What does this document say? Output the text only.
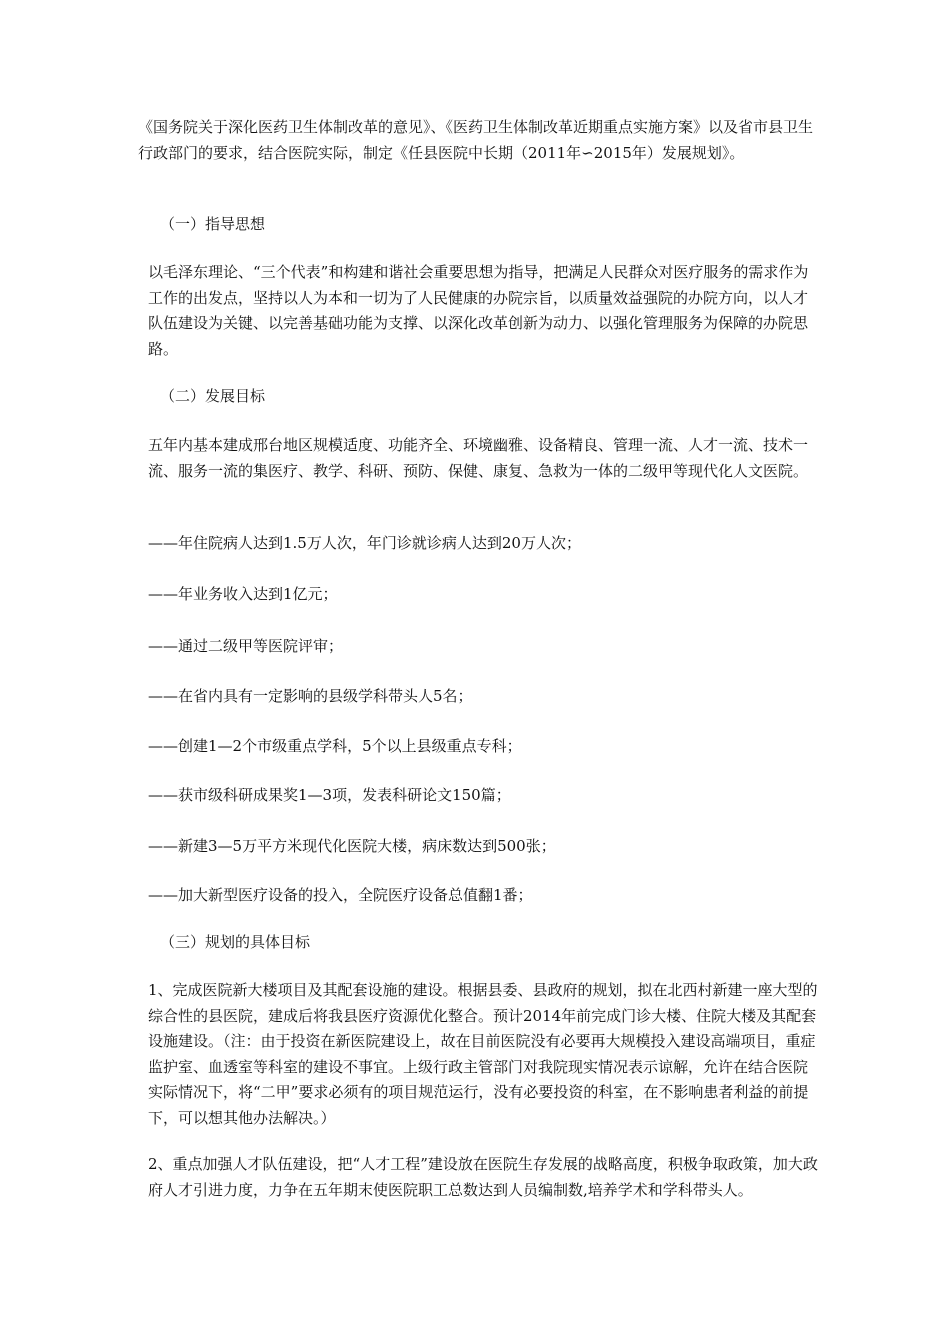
《国务院关于深化医药卫生体制改革的意见》、《医药卫生体制改革近期重点实施方案》以及省市县卫生行政部门的要求，结合医院实际，制定《任县医院中长期（2011年∽2015年）发展规划》。

（一）指导思想

以毛泽东理论、“三个代表”和构建和谐社会重要思想为指导，把满足人民群众对医疗服务的需求作为工作的出发点，坚持以人为本和一切为了人民健康的办院宗旨，以质量效益强院的办院方向，以人才队伍建设为关键、以完善基础功能为支撑、以深化改革创新为动力、以强化管理服务为保障的办院思路。

（二）发展目标

五年内基本建成邢台地区规模适度、功能齐全、环境幽雅、设备精良、管理一流、人才一流、技术一流、服务一流的集医疗、教学、科研、预防、保健、康复、急救为一体的二级甲等现代化人文医院。

——年住院病人达到1.5万人次，年门诊就诊病人达到20万人次；

——年业务收入达到1亿元；

——通过二级甲等医院评审；

——在省内具有一定影响的县级学科带头人5名；

——创建1—2个市级重点学科，5个以上县级重点专科；

——获市级科研成果奖1—3项，发表科研论文150篇；

——新建3—5万平方米现代化医院大楼，病床数达到500张；

——加大新型医疗设备的投入，全院医疗设备总值翻1番；

（三）规划的具体目标

1、完成医院新大楼项目及其配套设施的建设。根据县委、县政府的规划，拟在北西村新建一座大型的综合性的县医院，建成后将我县医疗资源优化整合。预计2014年前完成门诊大楼、住院大楼及其配套设施建设。（注：由于投资在新医院建设上，故在目前医院没有必要再大规模投入建设高端项目，重症监护室、血透室等科室的建设不事宜。上级行政主管部门对我院现实情况表示谅解，允许在结合医院实际情况下，将“二甲”要求必须有的项目规范运行，没有必要投资的科室，在不影响患者利益的前提下，可以想其他办法解决。）

2、重点加强人才队伍建设，把“人才工程”建设放在医院生存发展的战略高度，积极争取政策，加大政府人才引进力度，力争在五年期末使医院职工总数达到人员编制数,培养学术和学科带头人。
